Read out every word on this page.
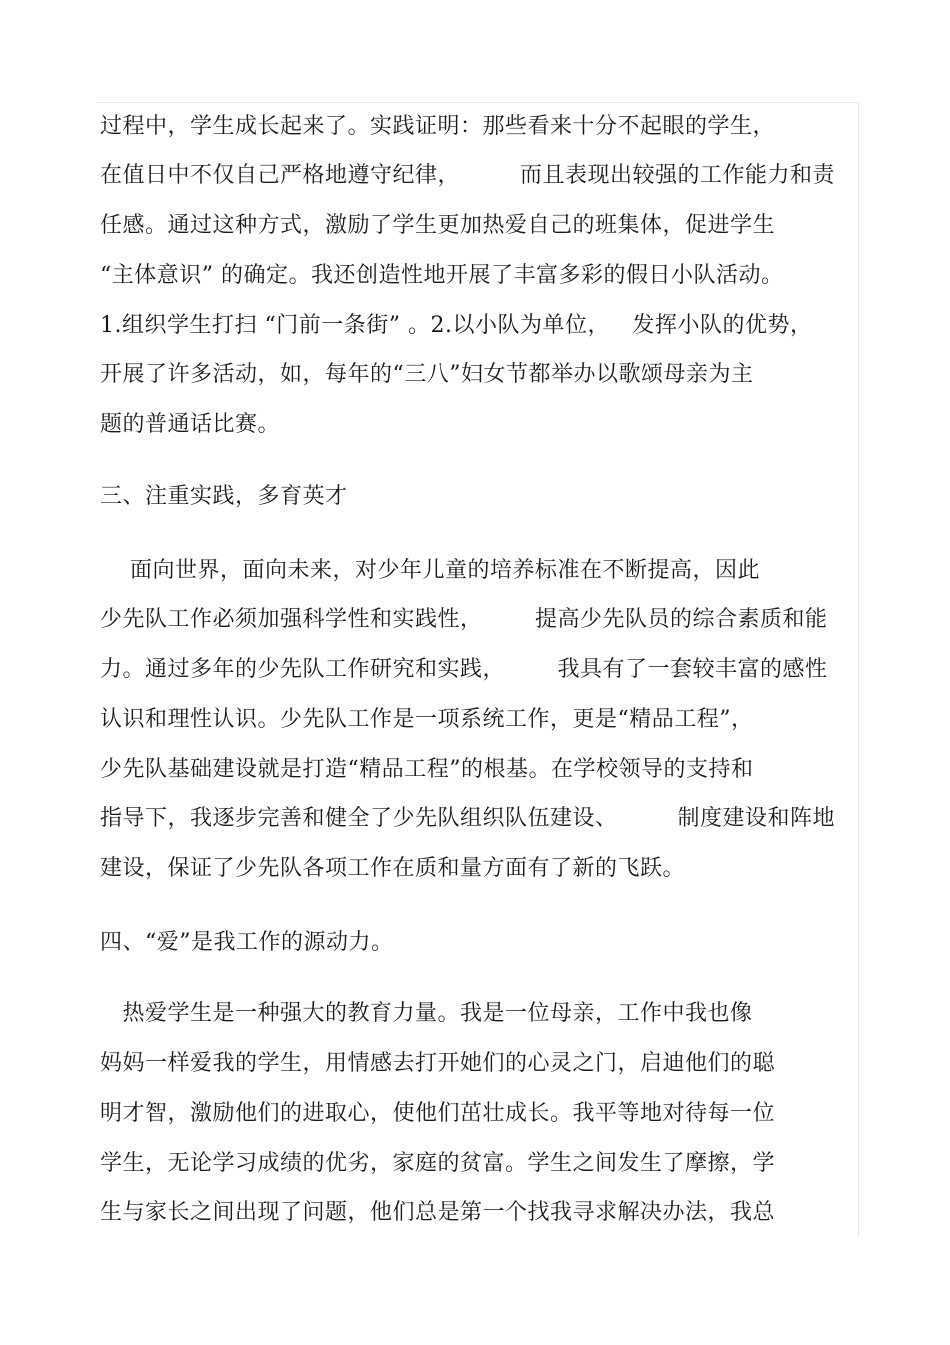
过程中，学生成长起来了。实践证明：那些看来十分不起眼的学生，
在值日中不仅自己严格地遵守纪律，        而且表现出较强的工作能力和责
任感。通过这种方式，激励了学生更加热爱自己的班集体，促进学生
“主体意识” 的确定。我还创造性地开展了丰富多彩的假日小队活动。
1.组织学生打扫 “门前一条街” 。2.以小队为单位，   发挥小队的优势，
开展了许多活动，如，每年的“三八”妇女节都举办以歌颂母亲为主
题的普通话比赛。
三、注重实践，多育英才
面向世界，面向未来，对少年儿童的培养标准在不断提高，因此
少先队工作必须加强科学性和实践性，       提高少先队员的综合素质和能
力。通过多年的少先队工作研究和实践，       我具有了一套较丰富的感性
认识和理性认识。少先队工作是一项系统工作，更是“精品工程”，
少先队基础建设就是打造“精品工程”的根基。在学校领导的支持和
指导下，我逐步完善和健全了少先队组织队伍建设、        制度建设和阵地
建设，保证了少先队各项工作在质和量方面有了新的飞跃。
四、“爱”是我工作的源动力。
热爱学生是一种强大的教育力量。我是一位母亲，工作中我也像
妈妈一样爱我的学生，用情感去打开她们的心灵之门，启迪他们的聪
明才智，激励他们的进取心，使他们茁壮成长。我平等地对待每一位
学生，无论学习成绩的优劣，家庭的贫富。学生之间发生了摩擦，学
生与家长之间出现了问题，他们总是第一个找我寻求解决办法，我总
